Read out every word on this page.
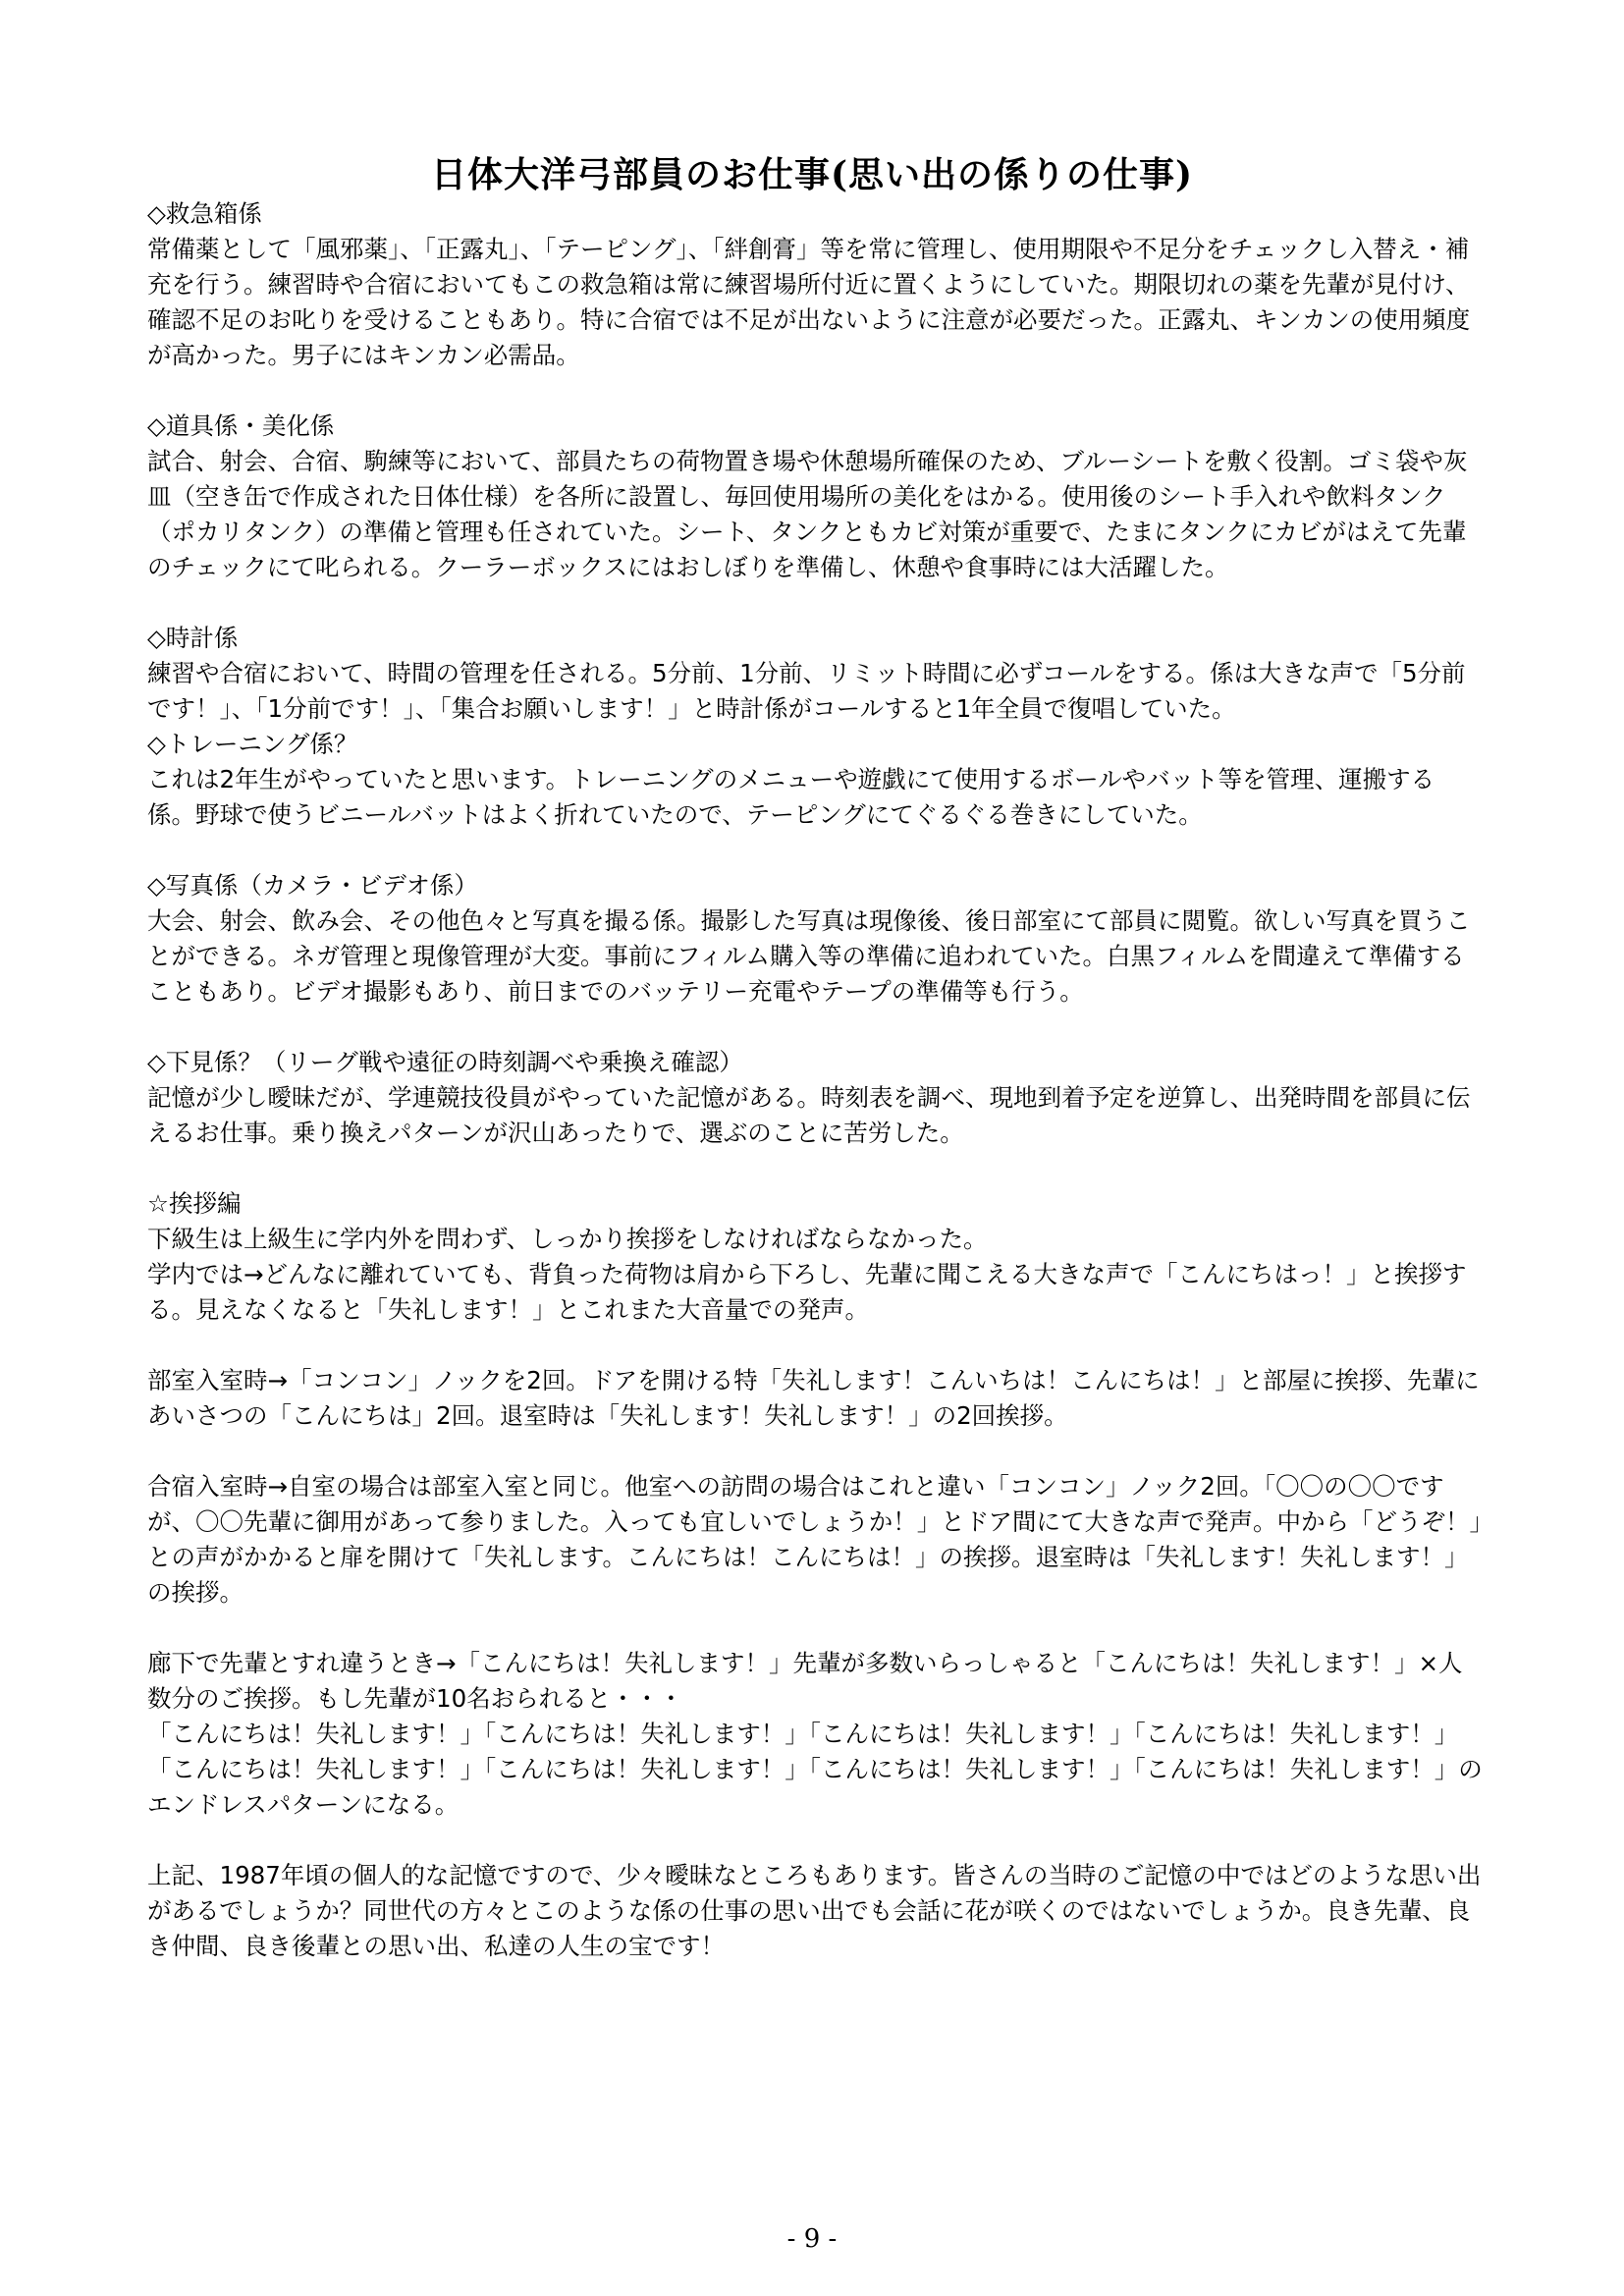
日体大洋弓部員のお仕事(思い出の係りの仕事)

◇救急箱係

常備薬として「風邪薬」、「正露丸」、「テーピング」、「絆創膏」等を常に管理し、使用期限や不足分をチェックし入替え・補充を行う。練習時や合宿においてもこの救急箱は常に練習場所付近に置くようにしていた。期限切れの薬を先輩が見付け、確認不足のお叱りを受けることもあり。特に合宿では不足が出ないように注意が必要だった。正露丸、キンカンの使用頻度が高かった。男子にはキンカン必需品。

◇道具係・美化係

試合、射会、合宿、駒練等において、部員たちの荷物置き場や休憩場所確保のため、ブルーシートを敷く役割。ゴミ袋や灰皿（空き缶で作成された日体仕様）を各所に設置し、毎回使用場所の美化をはかる。使用後のシート手入れや飲料タンク（ポカリタンク）の準備と管理も任されていた。シート、タンクともカビ対策が重要で、たまにタンクにカビがはえて先輩のチェックにて叱られる。クーラーボックスにはおしぼりを準備し、休憩や食事時には大活躍した。

◇時計係

練習や合宿において、時間の管理を任される。5分前、1分前、リミット時間に必ずコールをする。係は大きな声で「5分前です！」、「1分前です！」、「集合お願いします！」と時計係がコールすると1年全員で復唱していた。

◇トレーニング係？

これは2年生がやっていたと思います。トレーニングのメニューや遊戯にて使用するボールやバット等を管理、運搬する係。野球で使うビニールバットはよく折れていたので、テーピングにてぐるぐる巻きにしていた。

◇写真係（カメラ・ビデオ係）

大会、射会、飲み会、その他色々と写真を撮る係。撮影した写真は現像後、後日部室にて部員に閲覧。欲しい写真を買うことができる。ネガ管理と現像管理が大変。事前にフィルム購入等の準備に追われていた。白黒フィルムを間違えて準備することもあり。ビデオ撮影もあり、前日までのバッテリー充電やテープの準備等も行う。

◇下見係？（リーグ戦や遠征の時刻調べや乗換え確認）

記憶が少し曖昧だが、学連競技役員がやっていた記憶がある。時刻表を調べ、現地到着予定を逆算し、出発時間を部員に伝えるお仕事。乗り換えパターンが沢山あったりで、選ぶのことに苦労した。

☆挨拶編

下級生は上級生に学内外を問わず、しっかり挨拶をしなければならなかった。
学内では→どんなに離れていても、背負った荷物は肩から下ろし、先輩に聞こえる大きな声で「こんにちはっ！」と挨拶する。見えなくなると「失礼します！」とこれまた大音量での発声。

部室入室時→「コンコン」ノックを2回。ドアを開ける特「失礼します！こんいちは！こんにちは！」と部屋に挨拶、先輩にあいさつの「こんにちは」2回。退室時は「失礼します！失礼します！」の2回挨拶。

合宿入室時→自室の場合は部室入室と同じ。他室への訪問の場合はこれと違い「コンコン」ノック2回。「〇〇の〇〇ですが、〇〇先輩に御用があって参りました。入っても宜しいでしょうか！」とドア間にて大きな声で発声。中から「どうぞ！」との声がかかると扉を開けて「失礼します。こんにちは！こんにちは！」の挨拶。退室時は「失礼します！失礼します！」の挨拶。

廊下で先輩とすれ違うとき→「こんにちは！失礼します！」先輩が多数いらっしゃると「こんにちは！失礼します！」×人数分のご挨拶。もし先輩が10名おられると・・・
「こんにちは！失礼します！」「こんにちは！失礼します！」「こんにちは！失礼します！」「こんにちは！失礼します！」「こんにちは！失礼します！」「こんにちは！失礼します！」「こんにちは！失礼します！」「こんにちは！失礼します！」のエンドレスパターンになる。

上記、1987年頃の個人的な記憶ですので、少々曖昧なところもあります。皆さんの当時のご記憶の中ではどのような思い出があるでしょうか？同世代の方々とこのような係の仕事の思い出でも会話に花が咲くのではないでしょうか。良き先輩、良き仲間、良き後輩との思い出、私達の人生の宝です！

- 9 -
